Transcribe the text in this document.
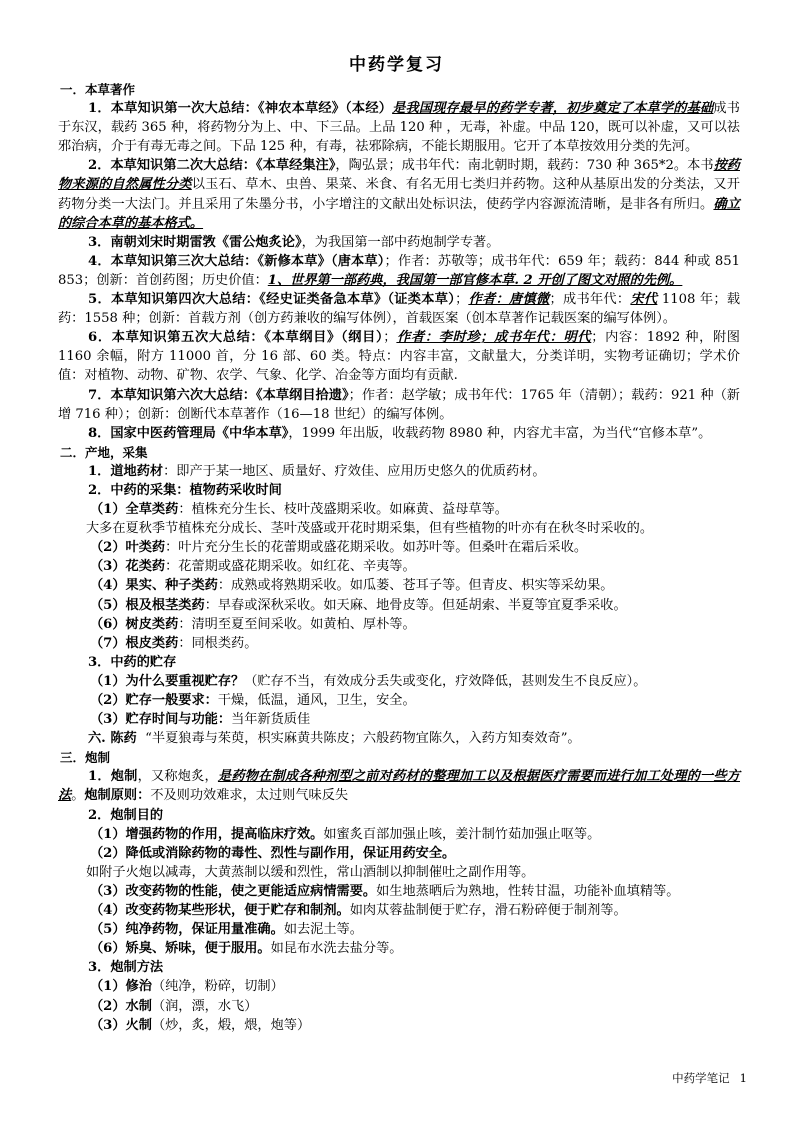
中药学复习

一．本草著作

1．本草知识第一次大总结：《神农本草经》（本经）是我国现存最早的药学专著，初步奠定了本草学的基础成书于东汉，载药 365 种，将药物分为上、中、下三品。上品 120 种 ，无毒，补虚。中品 120，既可以补虚，又可以祛邪治病，介于有毒无毒之间。下品 125 种，有毒，祛邪除病，不能长期服用。它开了本草按效用分类的先河。

2．本草知识第二次大总结：《本草经集注》，陶弘景；成书年代：南北朝时期，载药：730 种 365*2。本书按药物来源的自然属性分类以玉石、草木、虫兽、果菜、米食、有名无用七类归并药物。这种从基原出发的分类法，又开药物分类一大法门。并且采用了朱墨分书，小字增注的文献出处标识法，使药学内容源流清晰，是非各有所归。确立的综合本草的基本格式。

3．南朝刘宋时期雷敩《雷公炮炙论》，为我国第一部中药炮制学专著。

4．本草知识第三次大总结：《新修本草》（唐本草）；作者：苏敬等；成书年代：659 年；载药：844 种或 851 853；创新：首创药图；历史价值：1、世界第一部药典，我国第一部官修本草. 2 开创了图文对照的先例。

5．本草知识第四次大总结：《经史证类备急本草》（证类本草）；作者：唐慎微；成书年代：宋代 1108 年；载药：1558 种；创新：首载方剂（创方药兼收的编写体例），首载医案（创本草著作记载医案的编写体例）。

6．本草知识第五次大总结：《本草纲目》（纲目）；作者：李时珍；成书年代：明代；内容：1892 种，附图 1160 余幅，附方 11000 首，分 16 部、60 类。特点：内容丰富，文献量大，分类详明，实物考证确切；学术价值：对植物、动物、矿物、农学、气象、化学、冶金等方面均有贡献.

7．本草知识第六次大总结：《本草纲目拾遗》；作者：赵学敏；成书年代：1765 年（清朝）；载药：921 种（新增 716 种）；创新：创断代本草著作（16—18 世纪）的编写体例。

8．国家中医药管理局《中华本草》，1999 年出版，收载药物 8980 种，内容尤丰富，为当代“官修本草”。

二．产地，采集

1．道地药材：即产于某一地区、质量好、疗效佳、应用历史悠久的优质药材。

2．中药的采集：植物药采收时间

（1）全草类药：植株充分生长、枝叶茂盛期采收。如麻黄、益母草等。

大多在夏秋季节植株充分成长、茎叶茂盛或开花时期采集，但有些植物的叶亦有在秋冬时采收的。

（2）叶类药：叶片充分生长的花蕾期或盛花期采收。如苏叶等。但桑叶在霜后采收。

（3）花类药：花蕾期或盛花期采收。如红花、辛夷等。

（4）果实、种子类药：成熟或将熟期采收。如瓜蒌、苍耳子等。但青皮、枳实等采幼果。

（5）根及根茎类药：早春或深秋采收。如天麻、地骨皮等。但延胡索、半夏等宜夏季采收。

（6）树皮类药：清明至夏至间采收。如黄柏、厚朴等。

（7）根皮类药：同根类药。

3．中药的贮存

（1）为什么要重视贮存？（贮存不当，有效成分丢失或变化，疗效降低，甚则发生不良反应）。

（2）贮存一般要求：干燥，低温，通风，卫生，安全。

（3）贮存时间与功能：当年新货质佳

六. 陈药 “半夏狼毒与茱萸，枳实麻黄共陈皮；六般药物宜陈久，入药方知奏效奇”。

三．炮制

1．炮制，又称炮炙，是药物在制成各种剂型之前对药材的整理加工以及根据医疗需要而进行加工处理的一些方法。炮制原则：不及则功效难求，太过则气味反失

2．炮制目的

（1）增强药物的作用，提高临床疗效。如蜜炙百部加强止咳，姜汁制竹茹加强止呕等。

（2）降低或消除药物的毒性、烈性与副作用，保证用药安全。

如附子火炮以减毒，大黄蒸制以缓和烈性，常山酒制以抑制催吐之副作用等。

（3）改变药物的性能，使之更能适应病情需要。如生地蒸晒后为熟地，性转甘温，功能补血填精等。

（4）改变药物某些形状，便于贮存和制剂。如肉苁蓉盐制便于贮存，滑石粉碎便于制剂等。

（5）纯净药物，保证用量准确。如去泥土等。

（6）矫臭、矫味，便于服用。如昆布水洗去盐分等。

3．炮制方法

（1）修治（纯净，粉碎，切制）

（2）水制（润，漂，水飞）

（3）火制（炒，炙，煅，煨，炮等）

中药学笔记 1
